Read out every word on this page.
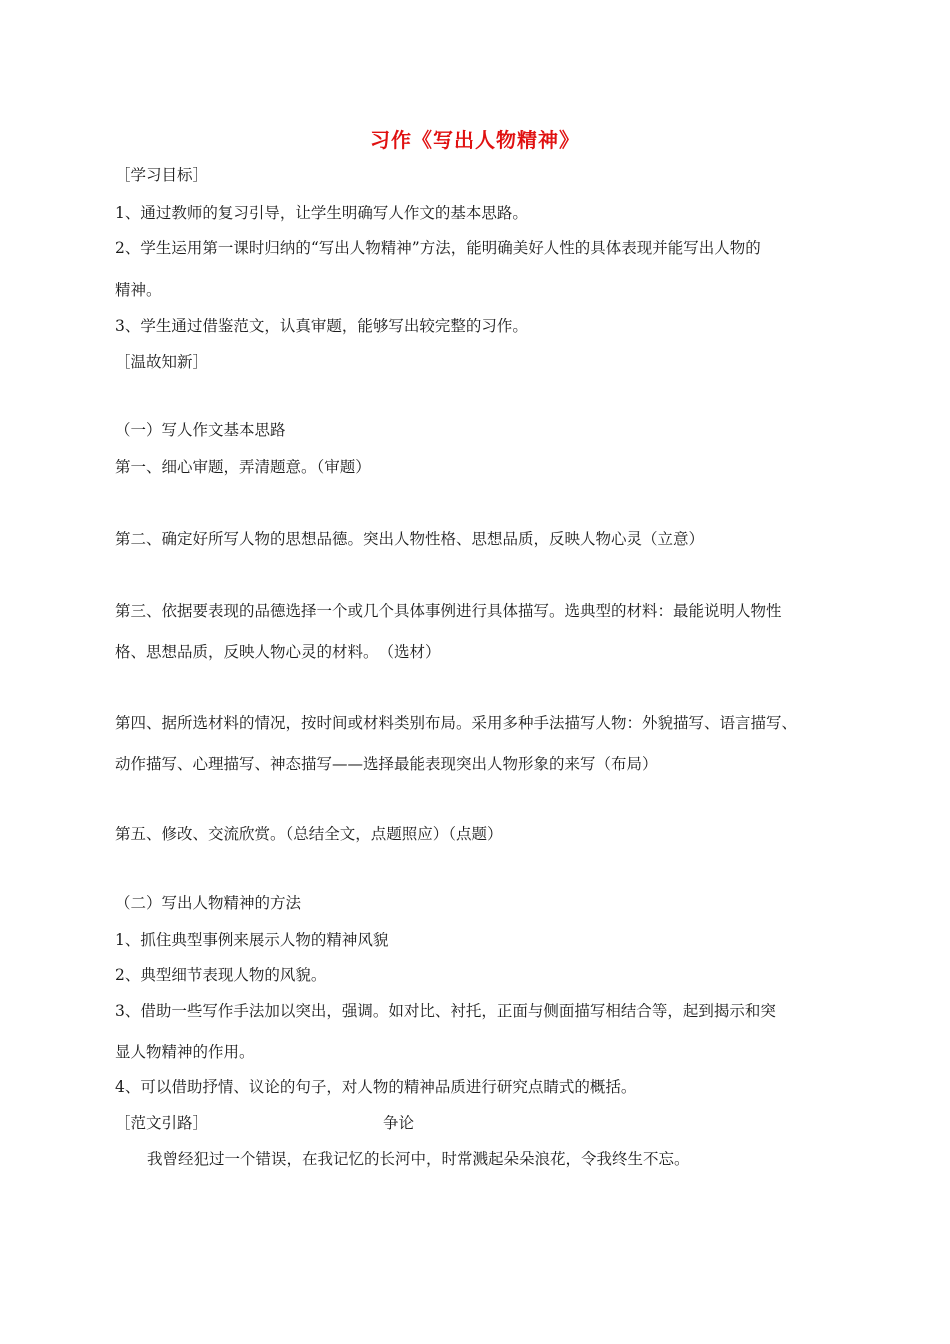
习作《写出人物精神》
［学习目标］
1、通过教师的复习引导，让学生明确写人作文的基本思路。
2、学生运用第一课时归纳的“写出人物精神”方法，能明确美好人性的具体表现并能写出人物的
精神。
3、学生通过借鉴范文，认真审题，能够写出较完整的习作。
［温故知新］
（一）写人作文基本思路
第一、细心审题，弄清题意。（审题）
第二、确定好所写人物的思想品德。突出人物性格、思想品质，反映人物心灵（立意）
第三、依据要表现的品德选择一个或几个具体事例进行具体描写。选典型的材料：最能说明人物性
格、思想品质，反映人物心灵的材料。　（选材）
第四、据所选材料的情况，按时间或材料类别布局。采用多种手法描写人物：外貌描写、语言描写、
动作描写、心理描写、神态描写——选择最能表现突出人物形象的来写（布局）
第五、修改、交流欣赏。（总结全文，点题照应）（点题）
（二）写出人物精神的方法
1、抓住典型事例来展示人物的精神风貌
2、典型细节表现人物的风貌。
3、借助一些写作手法加以突出，强调。如对比、衬托，正面与侧面描写相结合等，起到揭示和突
显人物精神的作用。
4、可以借助抒情、议论的句子，对人物的精神品质进行研究点睛式的概括。
［范文引路］	争论
我曾经犯过一个错误，在我记忆的长河中，时常溅起朵朵浪花，令我终生不忘。
